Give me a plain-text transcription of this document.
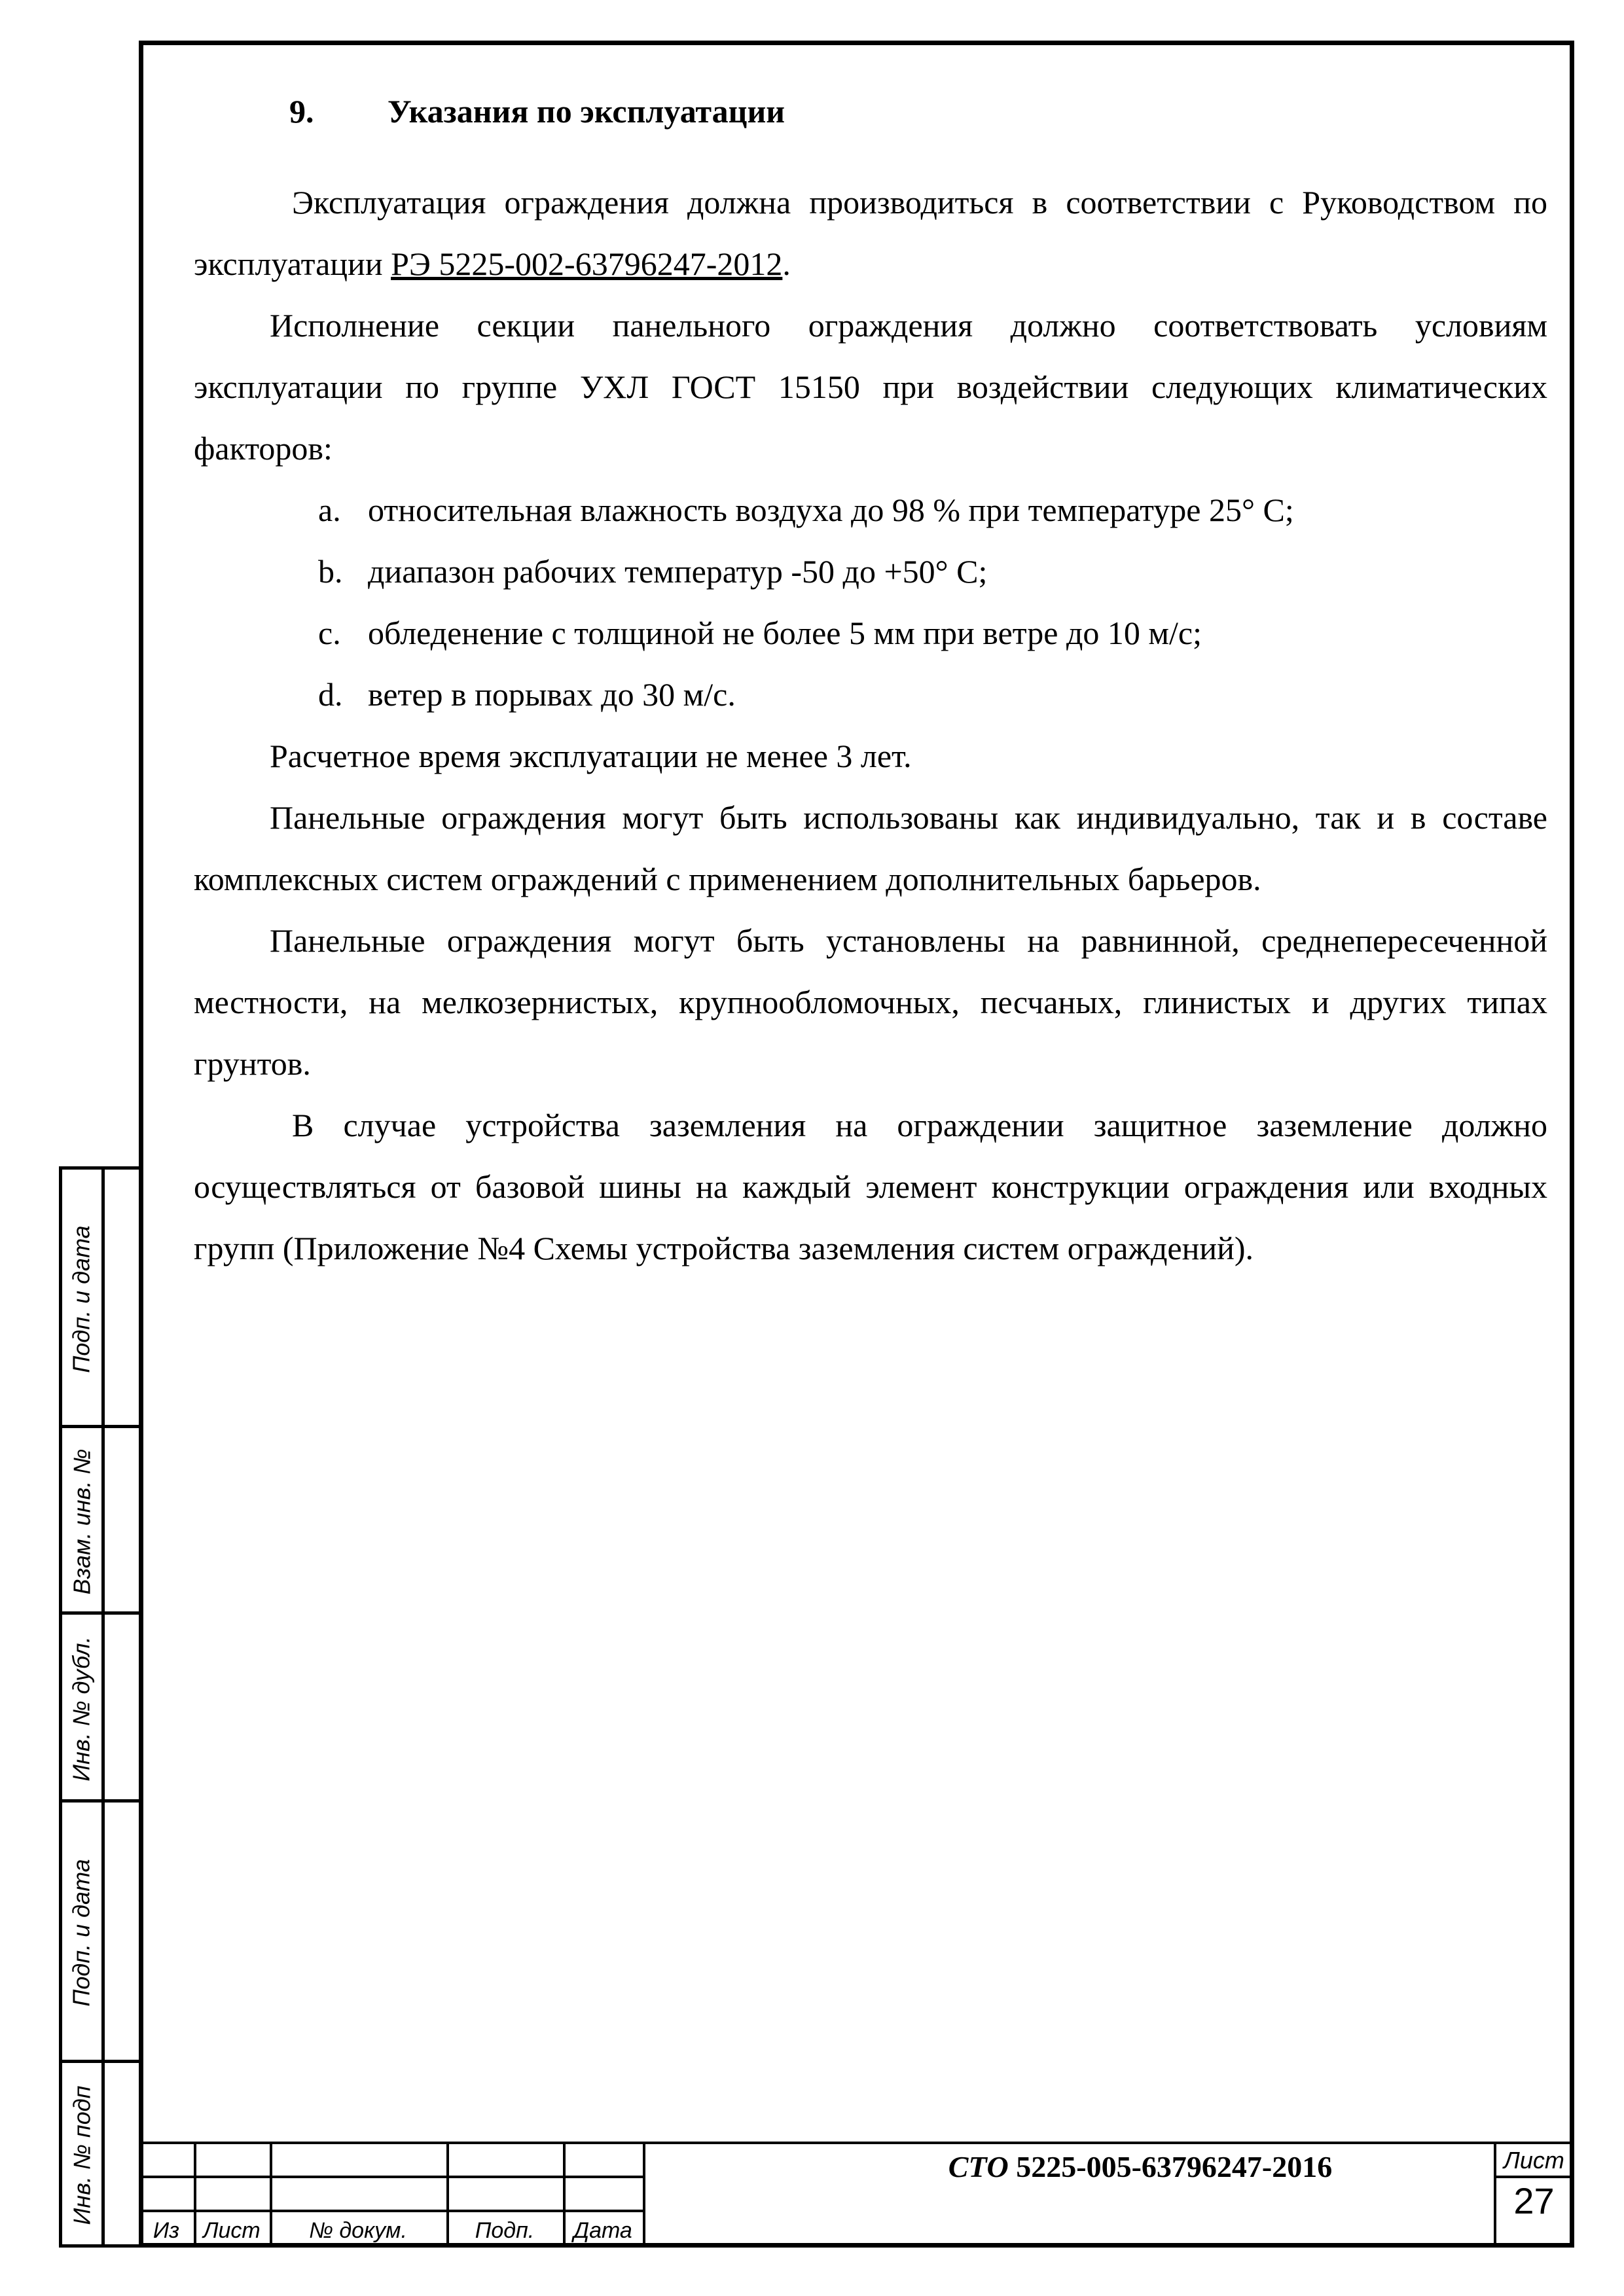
9.	Указания по эксплуатации

Эксплуатация ограждения должна производиться в соответствии с Руководством по эксплуатации РЭ 5225-002-63796247-2012.

Исполнение секции панельного ограждения должно соответствовать условиям эксплуатации по группе УХЛ ГОСТ 15150 при воздействии следующих климатических факторов:

a. относительная влажность воздуха до 98 % при температуре 25° С;
b. диапазон рабочих температур -50 до +50° С;
c. обледенение с толщиной не более 5 мм при ветре до 10 м/с;
d. ветер в порывах до 30 м/с.

Расчетное время эксплуатации не менее 3 лет.

Панельные ограждения могут быть использованы как индивидуально, так и в составе комплексных систем ограждений с применением дополнительных барьеров.

Панельные ограждения могут быть установлены на равнинной, среднепересеченной местности, на мелкозернистых, крупнообломочных, песчаных, глинистых и других типах грунтов.

В случае устройства заземления на ограждении защитное заземление должно осуществляться от базовой шины на каждый элемент конструкции ограждения или входных групп (Приложение №4 Схемы устройства заземления систем ограждений).

Подп. и дата
Взам. инв. №
Инв. № дубл.
Подп. и дата
Инв. № подп
Из	Лист	№ докум.	Подп.	Дата
СТО 5225-005-63796247-2016	Лист
27
